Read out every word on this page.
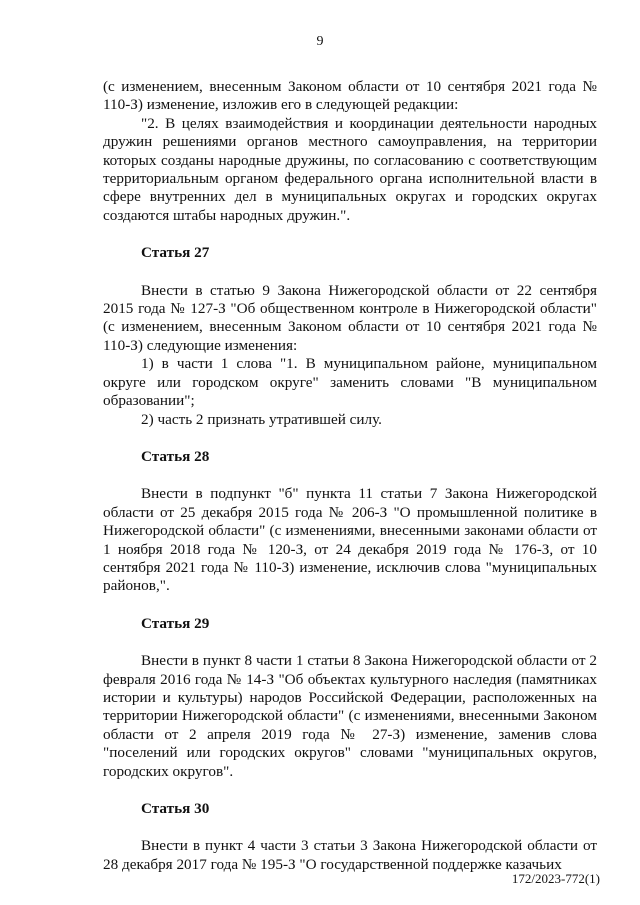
9

(с изменением, внесенным Законом области от 10 сентября 2021 года № 110-З) изменение, изложив его в следующей редакции:

"2. В целях взаимодействия и координации деятельности народных дружин решениями органов местного самоуправления, на территории которых созданы народные дружины, по согласованию с соответствующим территориальным органом федерального органа исполнительной власти в сфере внутренних дел в муниципальных округах и городских округах создаются штабы народных дружин.".

Статья 27

Внести в статью 9 Закона Нижегородской области от 22 сентября 2015 года № 127-З "Об общественном контроле в Нижегородской области" (с изменением, внесенным Законом области от 10 сентября 2021 года № 110-З) следующие изменения:

1) в части 1 слова "1. В муниципальном районе, муниципальном округе или городском округе" заменить словами "В муниципальном образовании";

2) часть 2 признать утратившей силу.

Статья 28

Внести в подпункт "б" пункта 11 статьи 7 Закона Нижегородской области от 25 декабря 2015 года № 206-З "О промышленной политике в Нижегородской области" (с изменениями, внесенными законами области от 1 ноября 2018 года № 120-З, от 24 декабря 2019 года № 176-З, от 10 сентября 2021 года № 110-З) изменение, исключив слова "муниципальных районов,".

Статья 29

Внести в пункт 8 части 1 статьи 8 Закона Нижегородской области от 2 февраля 2016 года № 14-З "Об объектах культурного наследия (памятниках истории и культуры) народов Российской Федерации, расположенных на территории Нижегородской области" (с изменениями, внесенными Законом области от 2 апреля 2019 года № 27-З) изменение, заменив слова "поселений или городских округов" словами "муниципальных округов, городских округов".

Статья 30

Внести в пункт 4 части 3 статьи 3 Закона Нижегородской области от 28 декабря 2017 года № 195-З "О государственной поддержке казачьих

172/2023-772(1)
